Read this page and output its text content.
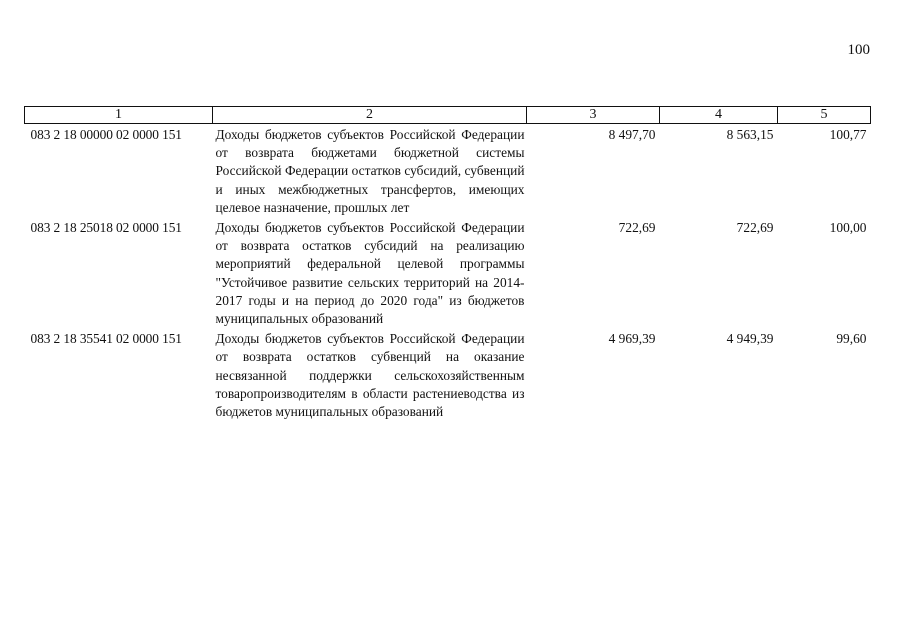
100
1	2	3	4	5
083 2 18 00000 02 0000 151	Доходы бюджетов субъектов Российской Федерации от возврата бюджетами бюджетной системы Российской Федерации остатков субсидий, субвенций и иных межбюджетных трансфертов, имеющих целевое назначение, прошлых лет	8 497,70	8 563,15	100,77
083 2 18 25018 02 0000 151	Доходы бюджетов субъектов Российской Федерации от возврата остатков субсидий на реализацию мероприятий федеральной целевой программы "Устойчивое развитие сельских территорий на 2014-2017 годы и на период до 2020 года" из бюджетов муниципальных образований	722,69	722,69	100,00
083 2 18 35541 02 0000 151	Доходы бюджетов субъектов Российской Федерации от возврата остатков субвенций на оказание несвязанной поддержки сельскохозяйственным товаропроизводителям в области растениеводства из бюджетов муниципальных образований	4 969,39	4 949,39	99,60
